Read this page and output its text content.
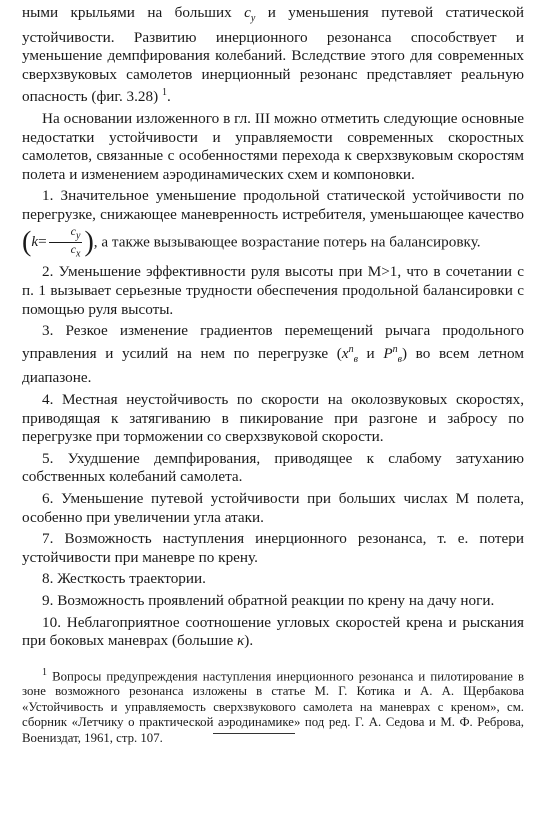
ными крыльями на больших $c_y$ и уменьшения путевой статической устойчивости. Развитию инерционного резонанса способствует и уменьшение демпфирования колебаний. Вследствие этого для современных сверхзвуковых самолетов инерционный резонанс представляет реальную опасность (фиг. 3.28) $^1$.

На основании изложенного в гл. III можно отметить следующие основные недостатки устойчивости и управляемости современных скоростных самолетов, связанные с особенностями перехода к сверхзвуковым скоростям полета и изменением аэродинамических схем и компоновки.

1. Значительное уменьшение продольной статической устойчивости по перегрузке, снижающее маневренность истребителя, уменьшающее качество ($k= \frac{c_y}{c_x}$ ), а также вызывающее возрастание потерь на балансировку.

2. Уменьшение эффективности руля высоты при M>1, что в сочетании с п. 1 вызывает серьезные трудности обеспечения продольной балансировки с помощью руля высоты.

3. Резкое изменение градиентов перемещений рычага продольного управления и усилий на нем по перегрузке ($x^n_в$ и $P^n_в$) во всем летном диапазоне.

4. Местная неустойчивость по скорости на околозвуковых скоростях, приводящая к затягиванию в пикирование при разгоне и забросу по перегрузке при торможении со сверхзвуковой скорости.

5. Ухудшение демпфирования, приводящее к слабому затуханию собственных колебаний самолета.

6. Уменьшение путевой устойчивости при больших числах M полета, особенно при увеличении угла атаки.

7. Возможность наступления инерционного резонанса, т. е. потери устойчивости при маневре по крену.

8. Жесткость траектории.

9. Возможность проявлений обратной реакции по крену на дачу ноги.

10. Неблагоприятное соотношение угловых скоростей крена и рыскания при боковых маневрах (большие κ).

$^1$ Вопросы предупреждения наступления инерционного резонанса и пилотирование в зоне возможного резонанса изложены в статье М. Г. Котика и А. А. Щербакова «Устойчивость и управляемость сверхзвукового самолета на маневрах с креном», см. сборник «Летчику о практической аэродинамике» под ред. Г. А. Седова и М. Ф. Реброва, Воениздат, 1961, стр. 107.
